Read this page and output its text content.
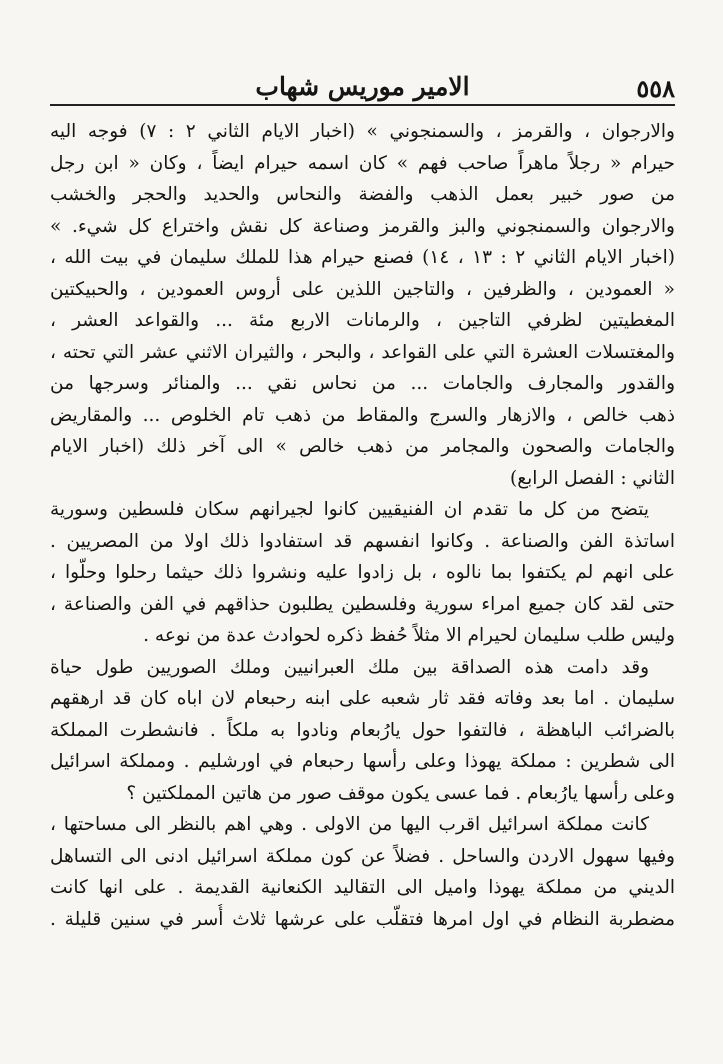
٥٥٨
الامير موريس شهاب
والارجوان ، والقرمز ، والسمنجوني » (اخبار الايام الثاني ٢ : ٧) فوجه اليه
حيرام « رجلاً ماهراً صاحب فهم » كان اسمه حيرام ايضاً ، وكان « ابن رجل
من صور خبير بعمل الذهب والفضة والنحاس والحديد والحجر والخشب
والارجوان والسمنجوني والبز والقرمز وصناعة كل نقش واختراع كل شيء. »
(اخبار الايام الثاني ٢ : ١٣ ، ١٤) فصنع حيرام هذا للملك سليمان في بيت الله ،
« العمودين ، والظرفين ، والتاجين اللذين على أروس العمودين ، والحبيكتين
المغطيتين لظرفي التاجين ، والرمانات الاربع مئة ... والقواعد العشر ،
والمغتسلات العشرة التي على القواعد ، والبحر ، والثيران الاثني عشر التي تحته ،
والقدور والمجارف والجامات ... من نحاس نقي ... والمنائر وسرجها من
ذهب خالص ، والازهار والسرج والمقاط من ذهب تام الخلوص ... والمقاريض
والجامات والصحون والمجامر من ذهب خالص » الى آخر ذلك (اخبار الايام
الثاني : الفصل الرابع)
يتضح من كل ما تقدم ان الفنيقيين كانوا لجيرانهم سكان فلسطين وسورية
اساتذة الفن والصناعة . وكانوا انفسهم قد استفادوا ذلك اولا من المصريين .
على انهم لم يكتفوا بما نالوه ، بل زادوا عليه ونشروا ذلك حيثما رحلوا وحلّوا ،
حتى لقد كان جميع امراء سورية وفلسطين يطلبون حذاقهم في الفن والصناعة ،
وليس طلب سليمان لحيرام الا مثلاً حُفظ ذكره لحوادث عدة من نوعه .
وقد دامت هذه الصداقة بين ملك العبرانيين وملك الصوريين طول حياة
سليمان . اما بعد وفاته فقد ثار شعبه على ابنه رحبعام لان اباه كان قد ارهقهم
بالضرائب الباهظة ، فالتفوا حول يارُبعام ونادوا به ملكاً . فانشطرت المملكة
الى شطرين : مملكة يهوذا وعلى رأسها رحبعام في اورشليم . ومملكة اسرائيل
وعلى رأسها يارُبعام . فما عسى يكون موقف صور من هاتين المملكتين ؟
كانت مملكة اسرائيل اقرب اليها من الاولى . وهي اهم بالنظر الى مساحتها ،
وفيها سهول الاردن والساحل . فضلاً عن كون مملكة اسرائيل ادنى الى التساهل
الديني من مملكة يهوذا واميل الى التقاليد الكنعانية القديمة . على انها كانت
مضطربة النظام في اول امرها فتقلّب على عرشها ثلاث أُسر في سنين قليلة .
